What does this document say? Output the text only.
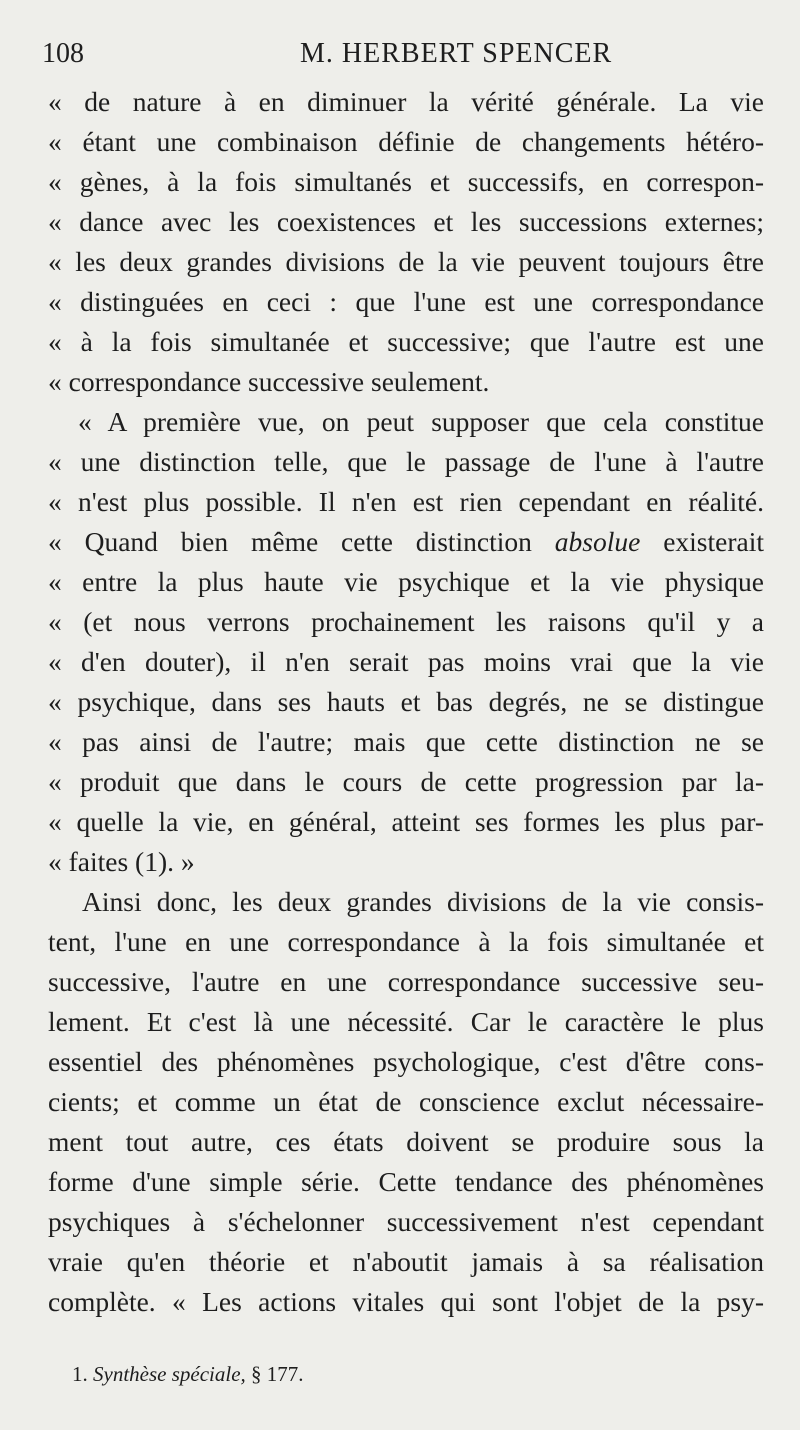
108	M. HERBERT SPENCER
« de nature à en diminuer la vérité générale. La vie
« étant une combinaison définie de changements hétéro-
« gènes, à la fois simultanés et successifs, en correspon-
« dance avec les coexistences et les successions externes;
« les deux grandes divisions de la vie peuvent toujours être
« distinguées en ceci : que l'une est une correspondance
« à la fois simultanée et successive; que l'autre est une
« correspondance successive seulement.
« A première vue, on peut supposer que cela constitue
« une distinction telle, que le passage de l'une à l'autre
« n'est plus possible. Il n'en est rien cependant en réalité.
« Quand bien même cette distinction absolue existerait
« entre la plus haute vie psychique et la vie physique
« (et nous verrons prochainement les raisons qu'il y a
« d'en douter), il n'en serait pas moins vrai que la vie
« psychique, dans ses hauts et bas degrés, ne se distingue
« pas ainsi de l'autre; mais que cette distinction ne se
« produit que dans le cours de cette progression par la-
« quelle la vie, en général, atteint ses formes les plus par-
« faites (1). »
Ainsi donc, les deux grandes divisions de la vie consis-
tent, l'une en une correspondance à la fois simultanée et
successive, l'autre en une correspondance successive seu-
lement. Et c'est là une nécessité. Car le caractère le plus
essentiel des phénomènes psychologique, c'est d'être cons-
cients; et comme un état de conscience exclut nécessaire-
ment tout autre, ces états doivent se produire sous la
forme d'une simple série. Cette tendance des phénomènes
psychiques à s'échelonner successivement n'est cependant
vraie qu'en théorie et n'aboutit jamais à sa réalisation
complète. « Les actions vitales qui sont l'objet de la psy-
1. Synthèse spéciale, § 177.
